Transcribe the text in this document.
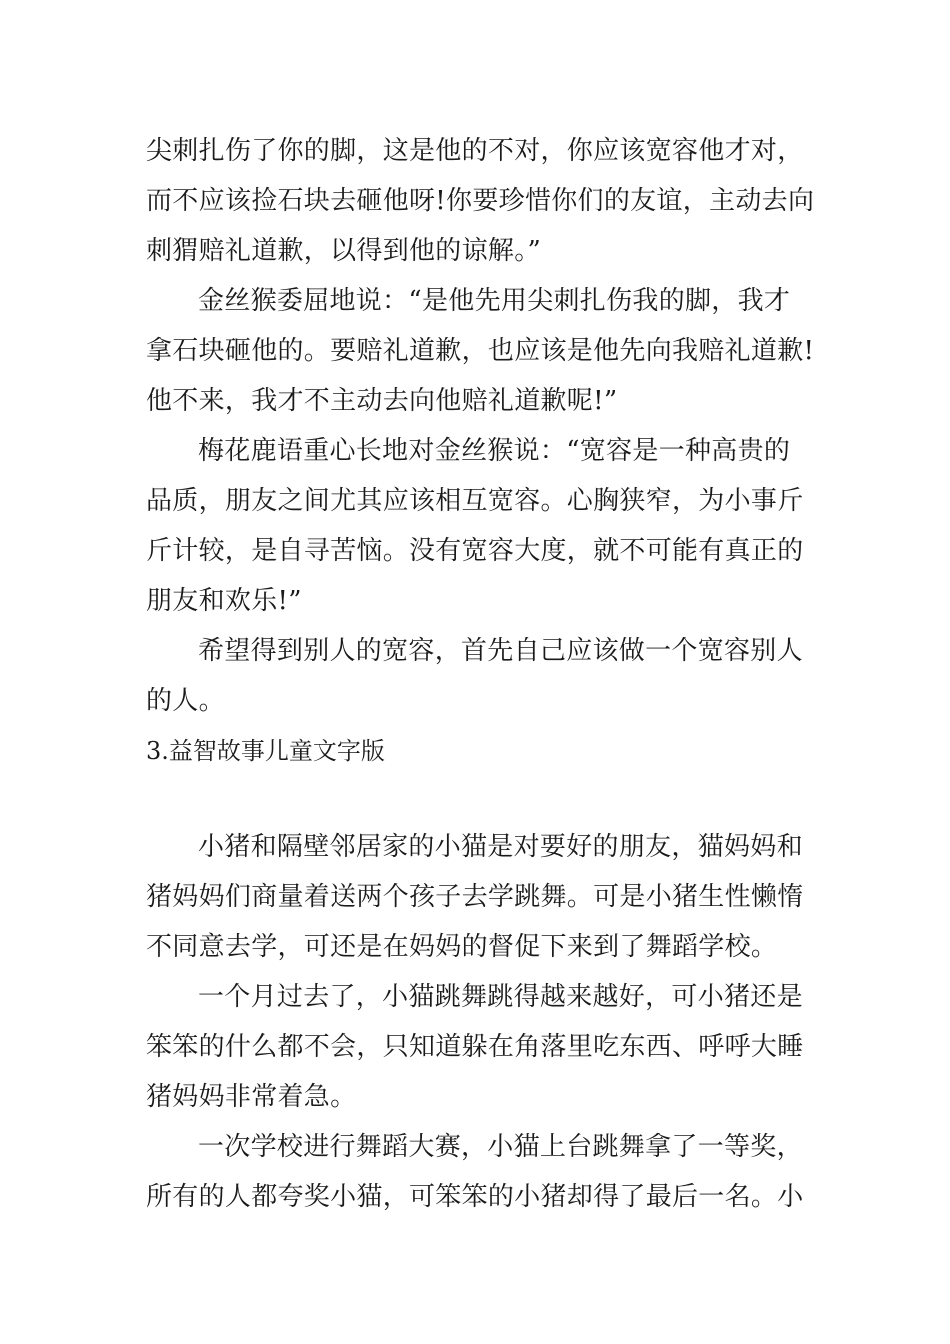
尖刺扎伤了你的脚，这是他的不对，你应该宽容他才对，
而不应该捡石块去砸他呀!你要珍惜你们的友谊，主动去向
刺猬赔礼道歉，以得到他的谅解。”
金丝猴委屈地说：“是他先用尖刺扎伤我的脚，我才
拿石块砸他的。要赔礼道歉，也应该是他先向我赔礼道歉!
他不来，我才不主动去向他赔礼道歉呢!”
梅花鹿语重心长地对金丝猴说：“宽容是一种高贵的
品质，朋友之间尤其应该相互宽容。心胸狭窄，为小事斤
斤计较，是自寻苦恼。没有宽容大度，就不可能有真正的
朋友和欢乐!”
希望得到别人的宽容，首先自己应该做一个宽容别人
的人。
3.益智故事儿童文字版
小猪和隔壁邻居家的小猫是对要好的朋友，猫妈妈和
猪妈妈们商量着送两个孩子去学跳舞。可是小猪生性懒惰
不同意去学，可还是在妈妈的督促下来到了舞蹈学校。
一个月过去了，小猫跳舞跳得越来越好，可小猪还是
笨笨的什么都不会，只知道躲在角落里吃东西、呼呼大睡
猪妈妈非常着急。
一次学校进行舞蹈大赛，小猫上台跳舞拿了一等奖，
所有的人都夸奖小猫，可笨笨的小猪却得了最后一名。小
